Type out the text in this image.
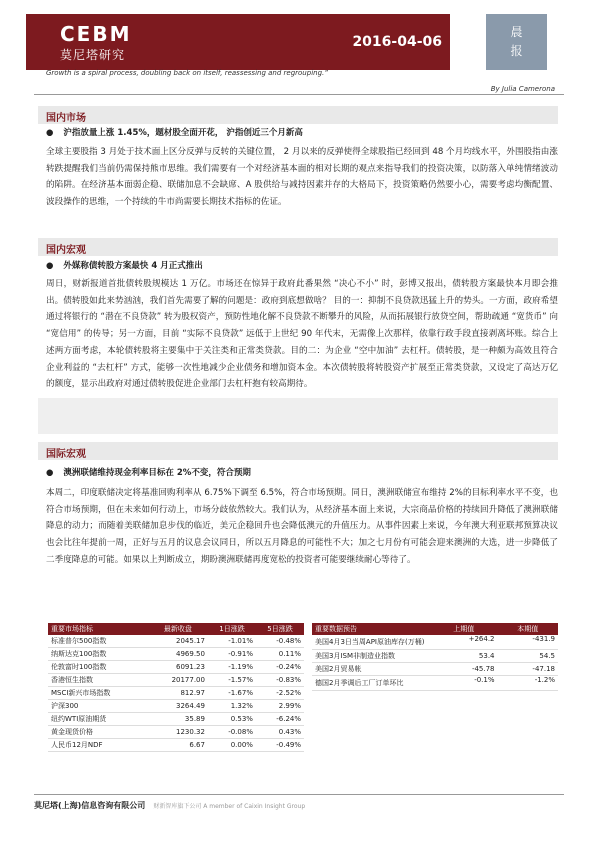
CEBM
莫尼塔研究
2016-04-06
晨
报
Growth is a spiral process, doubling back on itself, reassessing and regrouping.”
By Julia Camerona
国内市场
● 沪指放量上涨 1.45%，题材股全面开花， 沪指创近三个月新高
全球主要股指 3 月处于技术面上区分反弹与反转的关键位置， 2 月以来的反弹使得全球股指已经回到 48 个月均线水平，外围股指由涨转跌提醒我们当前仍需保持熊市思维。我们需要有一个对经济基本面的相对长期的观点来指导我们的投资决策，以防落入单纯情绪波动的陷阱。在经济基本面弱企稳、联储加息不会缺席、A 股供给与减持因素并存的大格局下，投资策略仍然要小心，需要考虑均衡配置、波段操作的思维，一个持续的牛市尚需要长期技术指标的佐证。
国内宏观
● 外媒称债转股方案最快 4 月正式推出
周日，财新报道首批债转股规模达 1 万亿。市场还在惊异于政府此番果然 “决心不小” 时，彭博又报出，债转股方案最快本月即会推出。债转股如此来势汹汹，我们首先需要了解的问题是：政府到底想做啥？ 目的一：抑制不良贷款迅猛上升的势头。一方面，政府希望通过将银行的 “潜在不良贷款” 转为股权资产，预防性地化解不良贷款不断攀升的风险，从而拓展银行放贷空间，帮助疏通 “宽货币” 向 “宽信用” 的传导；另一方面，目前 “实际不良贷款” 远低于上世纪 90 年代末，无需像上次那样，依靠行政手段直接剥离坏账。综合上述两方面考虑，本轮债转股将主要集中于关注类和正常类贷款。目的二：为企业 “空中加油” 去杠杆。债转股，是一种颇为高效且符合企业利益的 “去杠杆” 方式，能够一次性地减少企业债务和增加资本金。本次债转股将转股资产扩展至正常类贷款，又设定了高达万亿的额度，显示出政府对通过债转股促进企业部门去杠杆抱有较高期待。
国际宏观
● 澳洲联储维持现金利率目标在 2%不变，符合预期
本周二，印度联储决定将基准回购利率从 6.75%下调至 6.5%，符合市场预期。同日，澳洲联储宣布维持 2%的目标利率水平不变，也符合市场预期，但在未来如何行动上，市场分歧依然较大。我们认为，从经济基本面上来说，大宗商品价格的持续回升降低了澳洲联储降息的动力；而随着美联储加息步伐的临近，美元企稳回升也会降低澳元的升值压力。从事件因素上来说，今年澳大利亚联邦预算决议也会比往年提前一周，正好与五月的议息会议同日，所以五月降息的可能性不大；加之七月份有可能会迎来澳洲的大选，进一步降低了二季度降息的可能。如果以上判断成立，期盼澳洲联储再度宽松的投资者可能要继续耐心等待了。
重要市场指标	最新收盘	1日涨跌	5日涨跌
标准普尔500指数	2045.17	-1.01%	-0.48%
纳斯达克100指数	4969.50	-0.91%	0.11%
伦敦富时100指数	6091.23	-1.19%	-0.24%
香港恒生指数	20177.00	-1.57%	-0.83%
MSCI新兴市场指数	812.97	-1.67%	-2.52%
沪深300	3264.49	1.32%	2.99%
纽约WTI原油期货	35.89	0.53%	-6.24%
黄金现货价格	1230.32	-0.08%	0.43%
人民币12月NDF	6.67	0.00%	-0.49%
重要数据预告	上期值	本期值
美国4月3日当周API原油库存(万桶)	+264.2	-431.9
美国3月ISM非制造业指数	53.4	54.5
美国2月贸易帐	-45.78	-47.18
德国2月季调后工厂订单环比	-0.1%	-1.2%
莫尼塔(上海)信息咨询有限公司 财新智库旗下公司 A member of Caixin Insight Group
